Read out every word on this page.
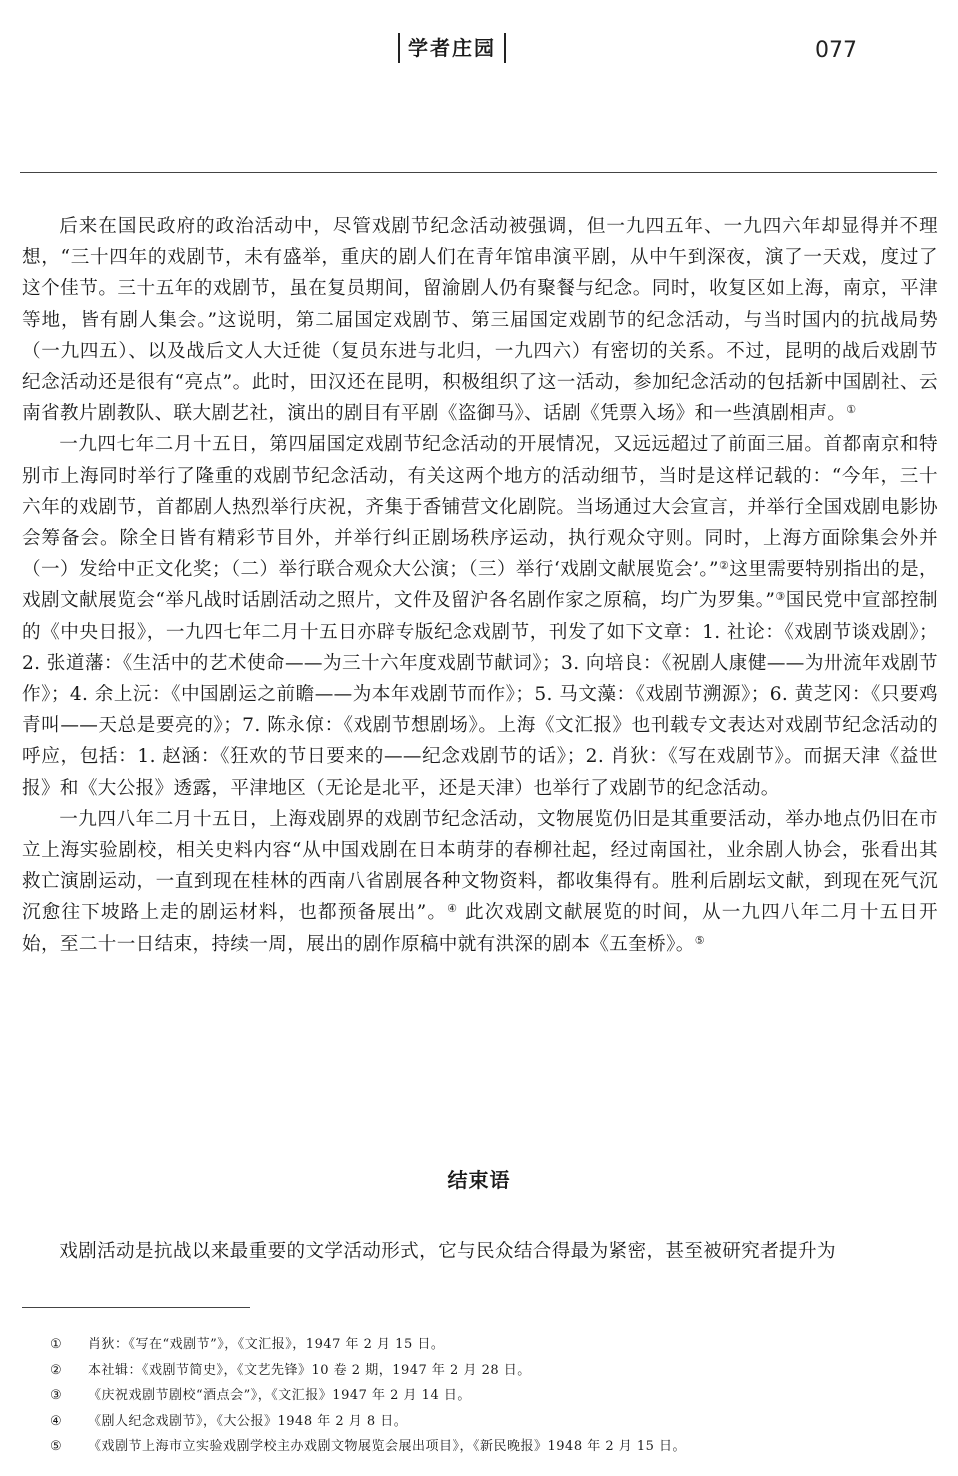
学者庄园	077

后来在国民政府的政治活动中，尽管戏剧节纪念活动被强调，但一九四五年、一九四六年却显得并不理想，“三十四年的戏剧节，未有盛举，重庆的剧人们在青年馆串演平剧，从中午到深夜，演了一天戏，度过了这个佳节。三十五年的戏剧节，虽在复员期间，留渝剧人仍有聚餐与纪念。同时，收复区如上海，南京，平津等地，皆有剧人集会。”这说明，第二届国定戏剧节、第三届国定戏剧节的纪念活动，与当时国内的抗战局势（一九四五）、以及战后文人大迁徙（复员东进与北归，一九四六）有密切的关系。不过，昆明的战后戏剧节纪念活动还是很有“亮点”。此时，田汉还在昆明，积极组织了这一活动，参加纪念活动的包括新中国剧社、云南省教片剧教队、联大剧艺社，演出的剧目有平剧《盗御马》、话剧《凭票入场》和一些滇剧相声。①

一九四七年二月十五日，第四届国定戏剧节纪念活动的开展情况，又远远超过了前面三届。首都南京和特别市上海同时举行了隆重的戏剧节纪念活动，有关这两个地方的活动细节，当时是这样记载的：“今年，三十六年的戏剧节，首都剧人热烈举行庆祝，齐集于香铺营文化剧院。当场通过大会宣言，并举行全国戏剧电影协会筹备会。除全日皆有精彩节目外，并举行纠正剧场秩序运动，执行观众守则。同时，上海方面除集会外并（一）发给中正文化奖；（二）举行联合观众大公演；（三）举行‘戏剧文献展览会’。”②这里需要特别指出的是，戏剧文献展览会“举凡战时话剧活动之照片，文件及留沪各名剧作家之原稿，均广为罗集。”③国民党中宣部控制的《中央日报》，一九四七年二月十五日亦辟专版纪念戏剧节，刊发了如下文章：1. 社论：《戏剧节谈戏剧》；2. 张道藩：《生活中的艺术使命——为三十六年度戏剧节献词》；3. 向培良：《祝剧人康健——为卅流年戏剧节作》；4. 余上沅：《中国剧运之前瞻——为本年戏剧节而作》；5. 马文藻：《戏剧节溯源》；6. 黄芝冈：《只要鸡青叫——天总是要亮的》；7. 陈永倞：《戏剧节想剧场》。上海《文汇报》也刊载专文表达对戏剧节纪念活动的呼应，包括：1. 赵涵：《狂欢的节日要来的——纪念戏剧节的话》；2. 肖狄：《写在戏剧节》。而据天津《益世报》和《大公报》透露，平津地区（无论是北平，还是天津）也举行了戏剧节的纪念活动。

一九四八年二月十五日，上海戏剧界的戏剧节纪念活动，文物展览仍旧是其重要活动，举办地点仍旧在市立上海实验剧校，相关史料内容“从中国戏剧在日本萌芽的春柳社起，经过南国社，业余剧人协会，张看出其救亡演剧运动，一直到现在桂林的西南八省剧展各种文物资料，都收集得有。胜利后剧坛文献，到现在死气沉沉愈往下坡路上走的剧运材料，也都预备展出”。④ 此次戏剧文献展览的时间，从一九四八年二月十五日开始，至二十一日结束，持续一周，展出的剧作原稿中就有洪深的剧本《五奎桥》。⑤

结束语

戏剧活动是抗战以来最重要的文学活动形式，它与民众结合得最为紧密，甚至被研究者提升为

① 肖狄：《写在“戏剧节”》，《文汇报》，1947 年 2 月 15 日。
② 本社辑：《戏剧节简史》，《文艺先锋》10 卷 2 期，1947 年 2 月 28 日。
③ 《庆祝戏剧节剧校“酒点会”》，《文汇报》1947 年 2 月 14 日。
④ 《剧人纪念戏剧节》，《大公报》1948 年 2 月 8 日。
⑤ 《戏剧节上海市立实验戏剧学校主办戏剧文物展览会展出项目》，《新民晚报》1948 年 2 月 15 日。
